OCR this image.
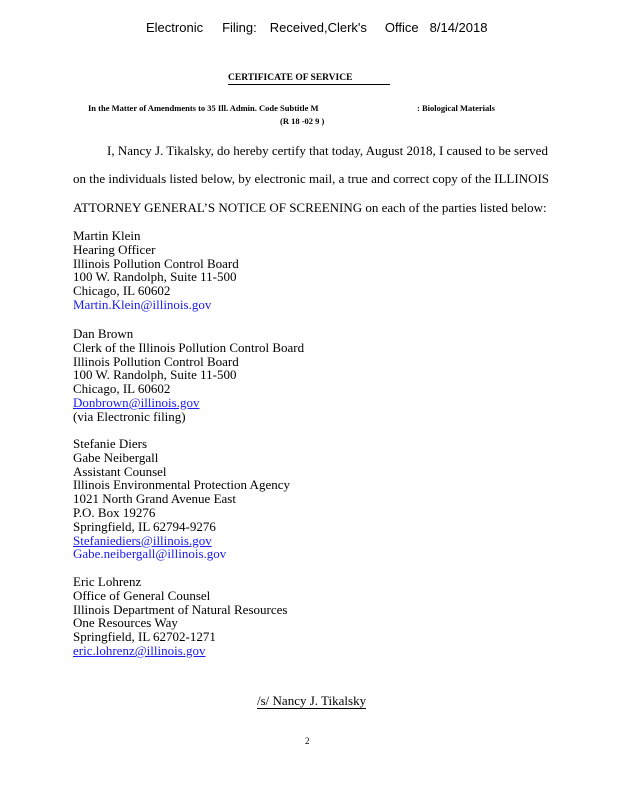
Electronic Filing: Received,Clerk's Office 8/14/2018
CERTIFICATE OF SERVICE
In the Matter of Amendments to 35 Ill. Admin. Code Subtitle M	: Biological Materials
(R 18 -02 9 )
I, Nancy J. Tikalsky, do hereby certify that today, August 2018, I caused to be served
on the individuals listed below, by electronic mail, a true and correct copy of the ILLINOIS
ATTORNEY GENERAL’S NOTICE OF SCREENING on each of the parties listed below:
Martin Klein
Hearing Officer
Illinois Pollution Control Board
100 W. Randolph, Suite 11-500
Chicago, IL 60602
Martin.Klein@illinois.gov
Dan Brown
Clerk of the Illinois Pollution Control Board
Illinois Pollution Control Board
100 W. Randolph, Suite 11-500
Chicago, IL 60602
Donbrown@illinois.gov
(via Electronic filing)
Stefanie Diers
Gabe Neibergall
Assistant Counsel
Illinois Environmental Protection Agency
1021 North Grand Avenue East
P.O. Box 19276
Springfield, IL 62794-9276
Stefaniediers@illinois.gov
Gabe.neibergall@illinois.gov
Eric Lohrenz
Office of General Counsel
Illinois Department of Natural Resources
One Resources Way
Springfield, IL 62702-1271
eric.lohrenz@illinois.gov
/s/ Nancy J. Tikalsky
2
